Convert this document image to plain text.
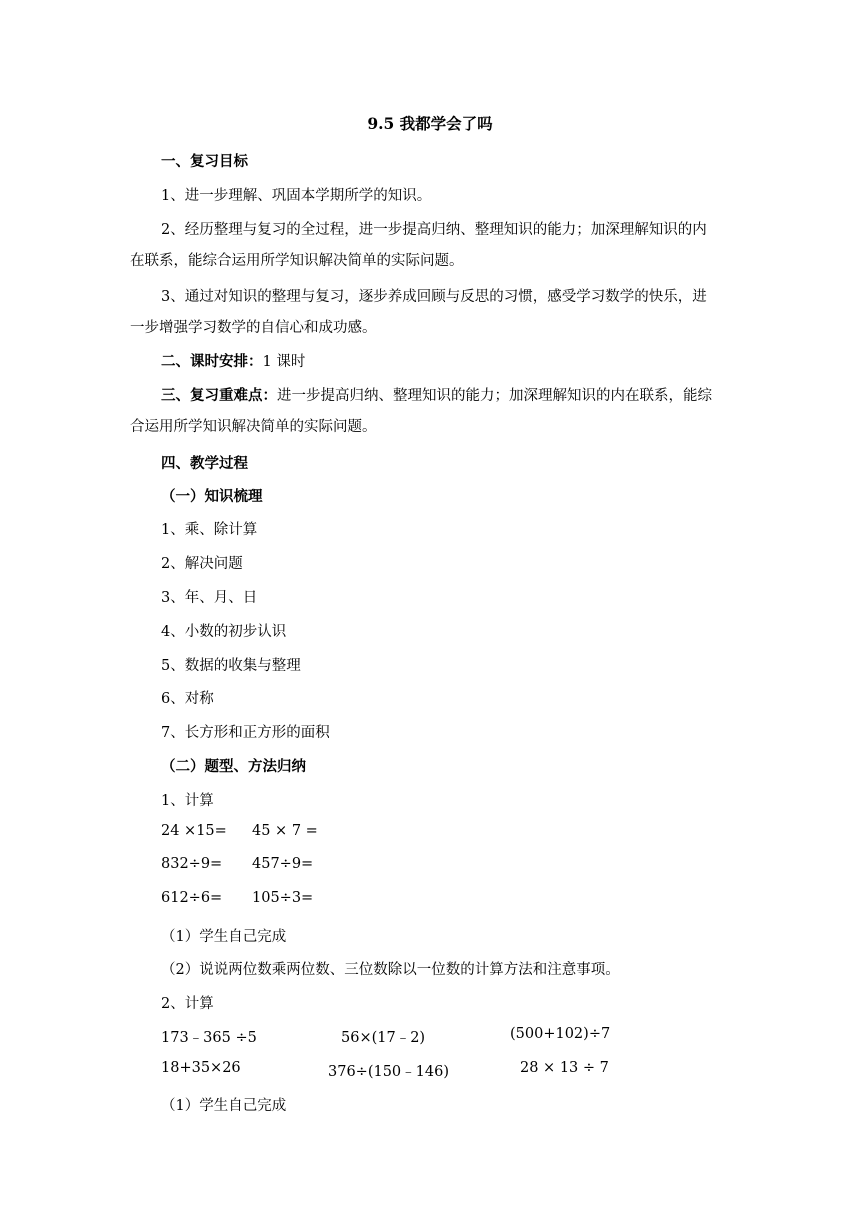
9.5 我都学会了吗
一、复习目标
1、进一步理解、巩固本学期所学的知识。
2、经历整理与复习的全过程，进一步提高归纳、整理知识的能力；加深理解知识的内
在联系，能综合运用所学知识解决简单的实际问题。
3、通过对知识的整理与复习，逐步养成回顾与反思的习惯，感受学习数学的快乐，进
一步增强学习数学的自信心和成功感。
二、课时安排：1 课时
三、复习重难点：进一步提高归纳、整理知识的能力；加深理解知识的内在联系，能综
合运用所学知识解决简单的实际问题。
四、教学过程
（一）知识梳理
1、乘、除计算
2、解决问题
3、年、月、日
4、小数的初步认识
5、数据的收集与整理
6、对称
7、长方形和正方形的面积
（二）题型、方法归纳
1、计算
24 ×15= 45 × 7 =
832÷9= 457÷9=
612÷6= 105÷3=
（1）学生自己完成
（2）说说两位数乘两位数、三位数除以一位数的计算方法和注意事项。
2、计算
173﹣365 ÷5	56×(17﹣2)	(500+102)÷7
18+35×26	376÷(150﹣146)	28 × 13 ÷ 7
（1）学生自己完成
